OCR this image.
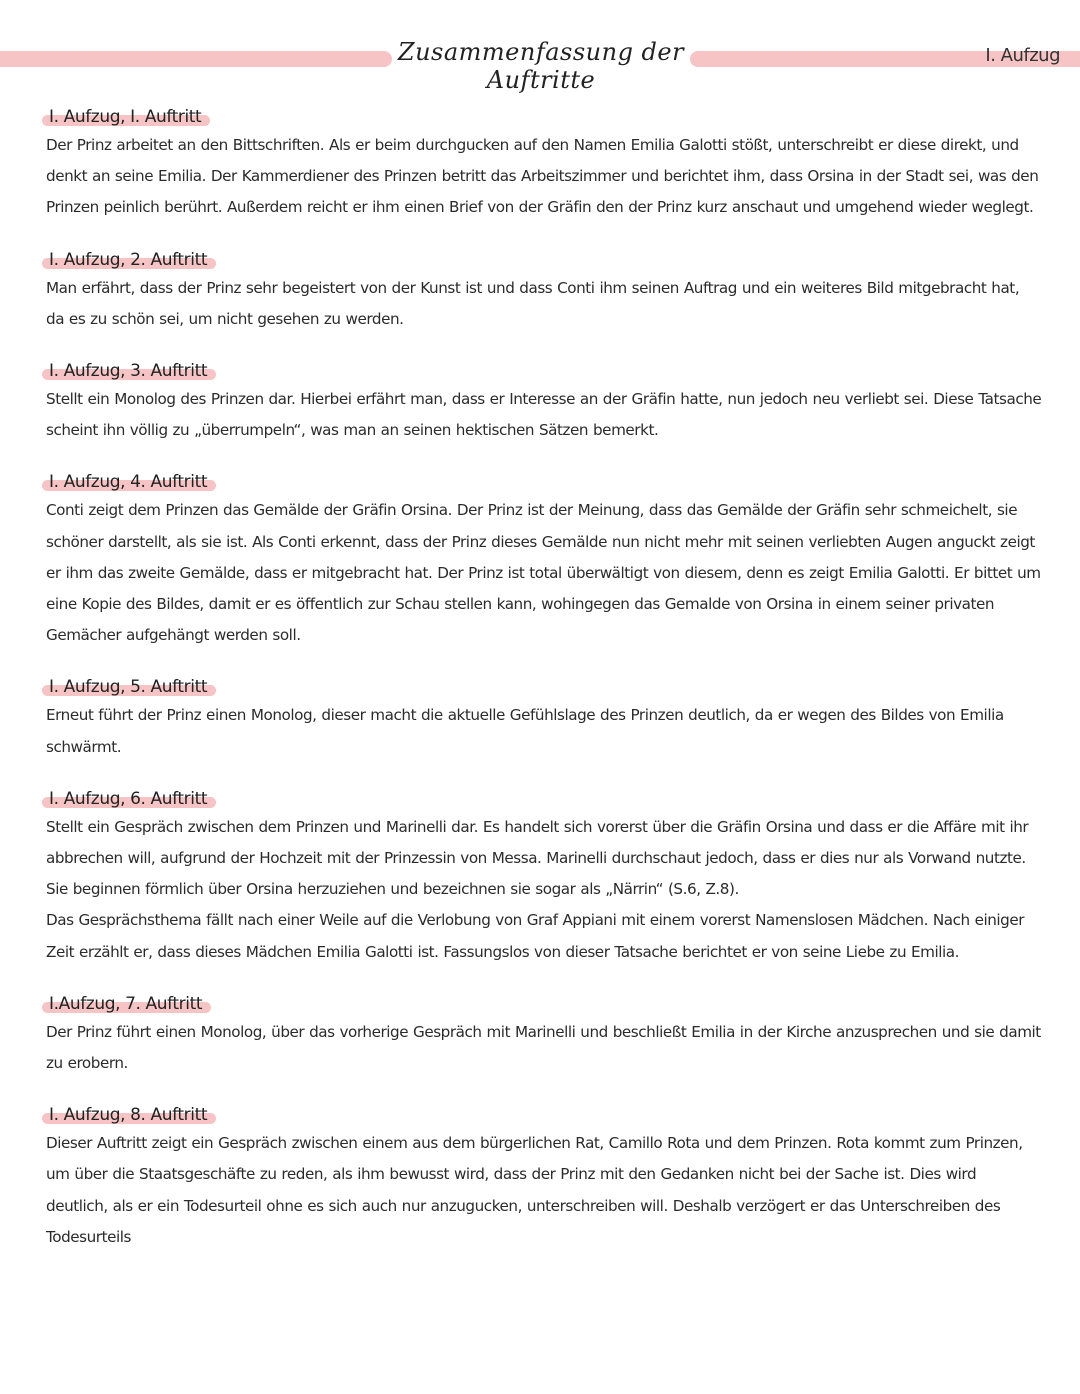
Zusammenfassung der Auftritte
I. Aufzug
I. Aufzug, I. Auftritt

Der Prinz arbeitet an den Bittschriften. Als er beim durchgucken auf den Namen Emilia Galotti stößt, unterschreibt er diese direkt, und denkt an seine Emilia. Der Kammerdiener des Prinzen betritt das Arbeitszimmer und berichtet ihm, dass Orsina in der Stadt sei, was den Prinzen peinlich berührt. Außerdem reicht er ihm einen Brief von der Gräfin den der Prinz kurz anschaut und umgehend wieder weglegt.

I. Aufzug, 2. Auftritt

Man erfährt, dass der Prinz sehr begeistert von der Kunst ist und dass Conti ihm seinen Auftrag und ein weiteres Bild mitgebracht hat, da es zu schön sei, um nicht gesehen zu werden.

I. Aufzug, 3. Auftritt

Stellt ein Monolog des Prinzen dar. Hierbei erfährt man, dass er Interesse an der Gräfin hatte, nun jedoch neu verliebt sei. Diese Tatsache scheint ihn völlig zu „überrumpeln“, was man an seinen hektischen Sätzen bemerkt.

I. Aufzug, 4. Auftritt

Conti zeigt dem Prinzen das Gemälde der Gräfin Orsina. Der Prinz ist der Meinung, dass das Gemälde der Gräfin sehr schmeichelt, sie schöner darstellt, als sie ist. Als Conti erkennt, dass der Prinz dieses Gemälde nun nicht mehr mit seinen verliebten Augen anguckt zeigt er ihm das zweite Gemälde, dass er mitgebracht hat. Der Prinz ist total überwältigt von diesem, denn es zeigt Emilia Galotti. Er bittet um eine Kopie des Bildes, damit er es öffentlich zur Schau stellen kann, wohingegen das Gemalde von Orsina in einem seiner privaten Gemächer aufgehängt werden soll.

I. Aufzug, 5. Auftritt

Erneut führt der Prinz einen Monolog, dieser macht die aktuelle Gefühlslage des Prinzen deutlich, da er wegen des Bildes von Emilia schwärmt.

I. Aufzug, 6. Auftritt

Stellt ein Gespräch zwischen dem Prinzen und Marinelli dar. Es handelt sich vorerst über die Gräfin Orsina und dass er die Affäre mit ihr abbrechen will, aufgrund der Hochzeit mit der Prinzessin von Messa. Marinelli durchschaut jedoch, dass er dies nur als Vorwand nutzte. Sie beginnen förmlich über Orsina herzuziehen und bezeichnen sie sogar als „Närrin“ (S.6, Z.8).

Das Gesprächsthema fällt nach einer Weile auf die Verlobung von Graf Appiani mit einem vorerst Namenslosen Mädchen. Nach einiger Zeit erzählt er, dass dieses Mädchen Emilia Galotti ist. Fassungslos von dieser Tatsache berichtet er von seine Liebe zu Emilia.

I.Aufzug, 7. Auftritt

Der Prinz führt einen Monolog, über das vorherige Gespräch mit Marinelli und beschließt Emilia in der Kirche anzusprechen und sie damit zu erobern.

I. Aufzug, 8. Auftritt

Dieser Auftritt zeigt ein Gespräch zwischen einem aus dem bürgerlichen Rat, Camillo Rota und dem Prinzen. Rota kommt zum Prinzen, um über die Staatsgeschäfte zu reden, als ihm bewusst wird, dass der Prinz mit den Gedanken nicht bei der Sache ist. Dies wird deutlich, als er ein Todesurteil ohne es sich auch nur anzugucken, unterschreiben will. Deshalb verzögert er das Unterschreiben des Todesurteils
